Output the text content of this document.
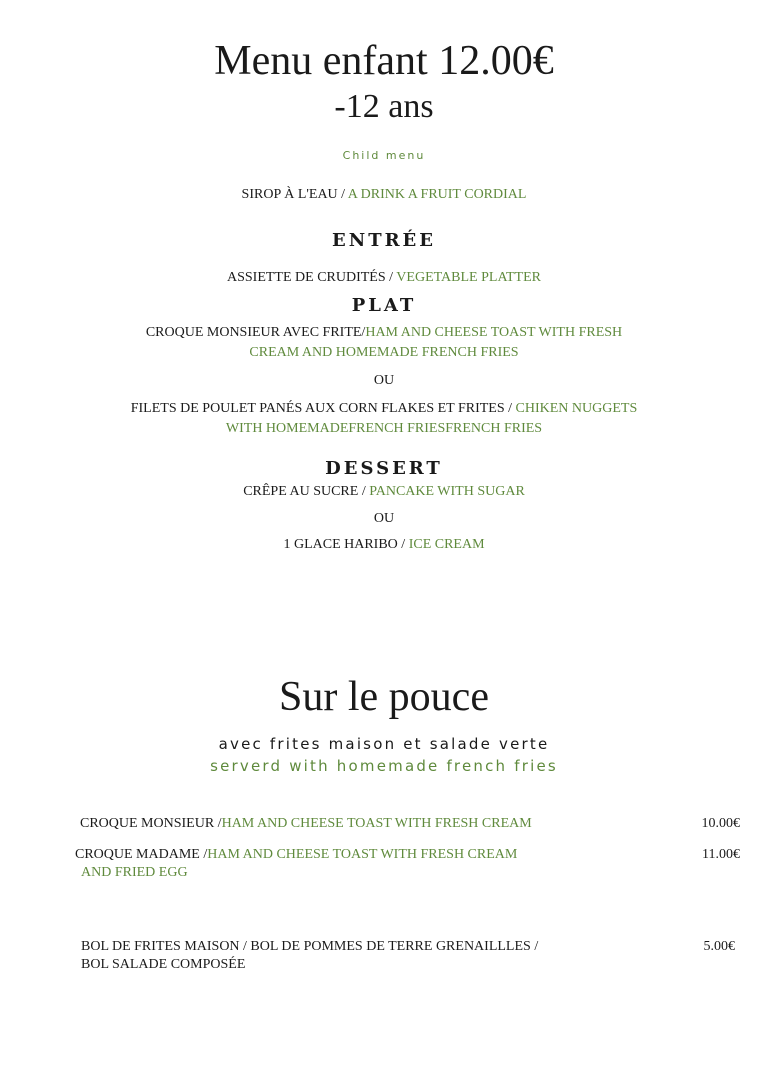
Menu enfant 12.00€
-12 ans
Child menu
SIROP À L'EAU / A DRINK A FRUIT CORDIAL
ENTRÉE
ASSIETTE DE CRUDITÉS / VEGETABLE PLATTER
PLAT
CROQUE MONSIEUR AVEC FRITE/HAM AND CHEESE TOAST WITH FRESH
CREAM AND HOMEMADE FRENCH FRIES
OU
FILETS DE POULET PANÉS AUX CORN FLAKES ET FRITES / CHIKEN NUGGETS
WITH HOMEMADEFRENCH FRIESFRENCH FRIES
DESSERT
CRÊPE AU SUCRE / PANCAKE WITH SUGAR
OU
1 GLACE HARIBO / ICE CREAM
Sur le pouce
avec frites maison et salade verte
serverd with homemade french fries
CROQUE MONSIEUR /HAM AND CHEESE TOAST WITH FRESH CREAM	10.00€
CROQUE MADAME /HAM AND CHEESE TOAST WITH FRESH CREAM
AND FRIED EGG
11.00€
BOL DE FRITES MAISON / BOL DE POMMES DE TERRE GRENAILLLES /
BOL SALADE COMPOSÉE
5.00€
